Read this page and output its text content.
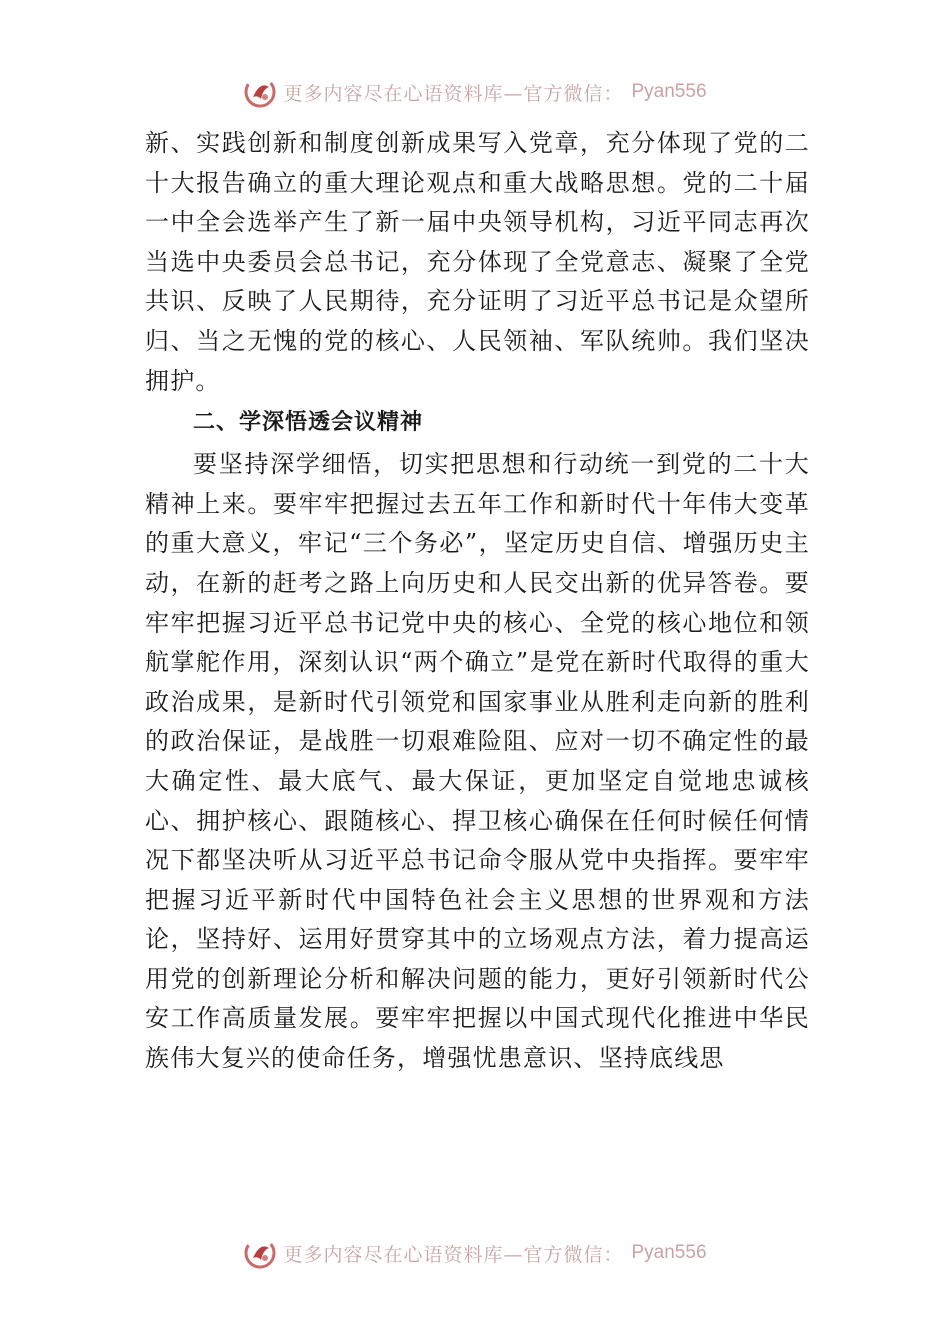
更多内容尽在心语资料库—官方微信： Pyan556

新、实践创新和制度创新成果写入党章，充分体现了党的二十大报告确立的重大理论观点和重大战略思想。党的二十届一中全会选举产生了新一届中央领导机构，习近平同志再次当选中央委员会总书记，充分体现了全党意志、凝聚了全党共识、反映了人民期待，充分证明了习近平总书记是众望所归、当之无愧的党的核心、人民领袖、军队统帅。我们坚决拥护。

二、学深悟透会议精神

要坚持深学细悟，切实把思想和行动统一到党的二十大精神上来。要牢牢把握过去五年工作和新时代十年伟大变革的重大意义，牢记“三个务必”，坚定历史自信、增强历史主动，在新的赶考之路上向历史和人民交出新的优异答卷。要牢牢把握习近平总书记党中央的核心、全党的核心地位和领航掌舵作用，深刻认识“两个确立”是党在新时代取得的重大政治成果，是新时代引领党和国家事业从胜利走向新的胜利的政治保证，是战胜一切艰难险阻、应对一切不确定性的最大确定性、最大底气、最大保证，更加坚定自觉地忠诚核心、拥护核心、跟随核心、捍卫核心确保在任何时候任何情况下都坚决听从习近平总书记命令服从党中央指挥。要牢牢把握习近平新时代中国特色社会主义思想的世界观和方法论，坚持好、运用好贯穿其中的立场观点方法，着力提高运用党的创新理论分析和解决问题的能力，更好引领新时代公安工作高质量发展。要牢牢把握以中国式现代化推进中华民族伟大复兴的使命任务，增强忧患意识、坚持底线思

更多内容尽在心语资料库—官方微信： Pyan556
